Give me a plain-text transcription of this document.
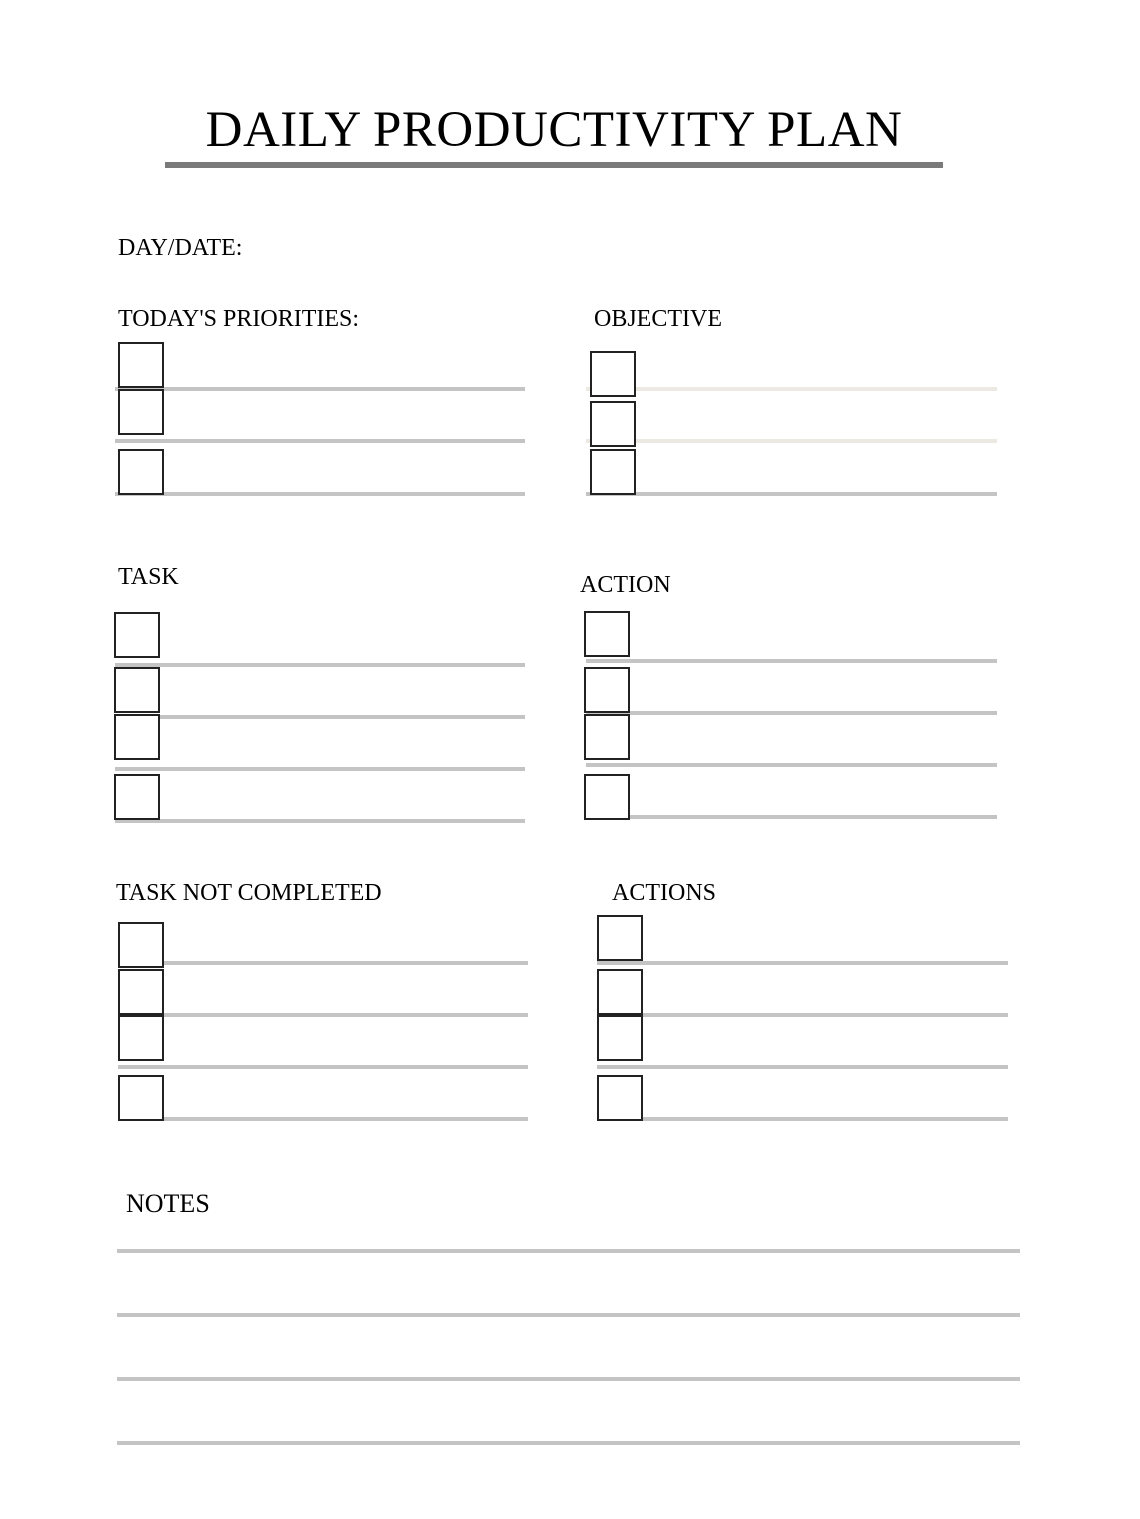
DAILY PRODUCTIVITY PLAN
DAY/DATE:
TODAY'S PRIORITIES:	OBJECTIVE
TASK	ACTION
TASK NOT COMPLETED	ACTIONS
NOTES
